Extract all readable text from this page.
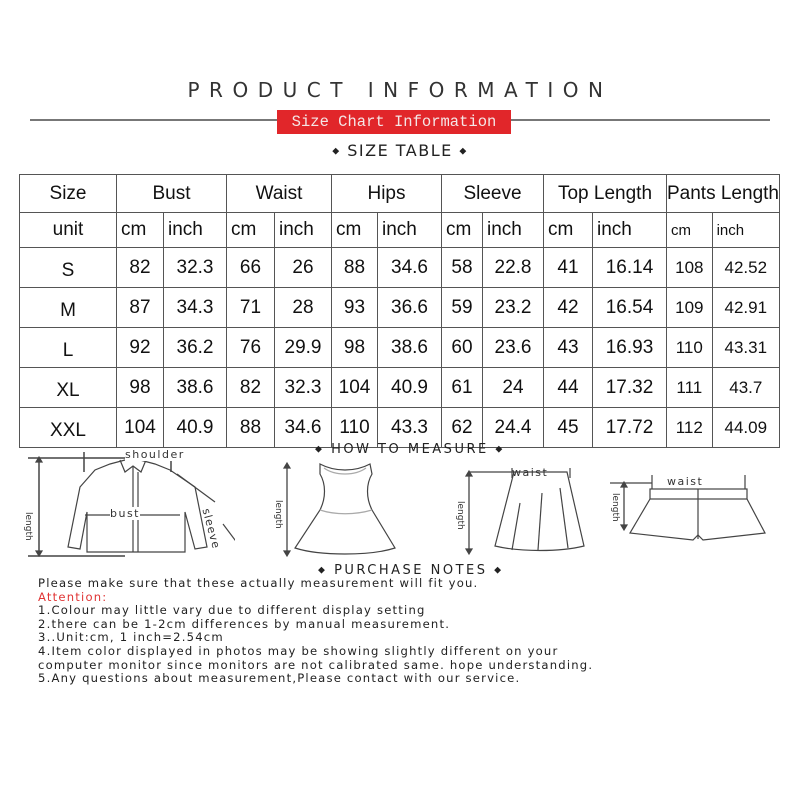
PRODUCT INFORMATION
Size Chart Information
◆ SIZE TABLE ◆
Size	Bust		Waist		Hips		Sleeve		Top Length		Pants Length	
unit	cm	inch	cm	inch	cm	inch	cm	inch	cm	inch	cm	inch
S	82	32.3	66	26	88	34.6	58	22.8	41	16.14	108	42.52
M	87	34.3	71	28	93	36.6	59	23.2	42	16.54	109	42.91
L	92	36.2	76	29.9	98	38.6	60	23.6	43	16.93	110	43.31
XL	98	38.6	82	32.3	104	40.9	61	24	44	17.32	111	43.7
XXL	104	40.9	88	34.6	110	43.3	62	24.4	45	17.72	112	44.09
◆ HOW TO MEASURE ◆
shoulder
bust	sleeve
length	length
waist
length
waist
length
◆ PURCHASE NOTES ◆
Please make sure that these actually measurement will fit you.
Attention:
1.Colour may little vary due to different display setting
2.there can be 1-2cm differences by manual measurement.
3..Unit:cm, 1 inch=2.54cm
4.Item color displayed in photos may be showing slightly different on your
computer monitor since monitors are not calibrated same. hope understanding.
5.Any questions about measurement,Please contact with our service.
